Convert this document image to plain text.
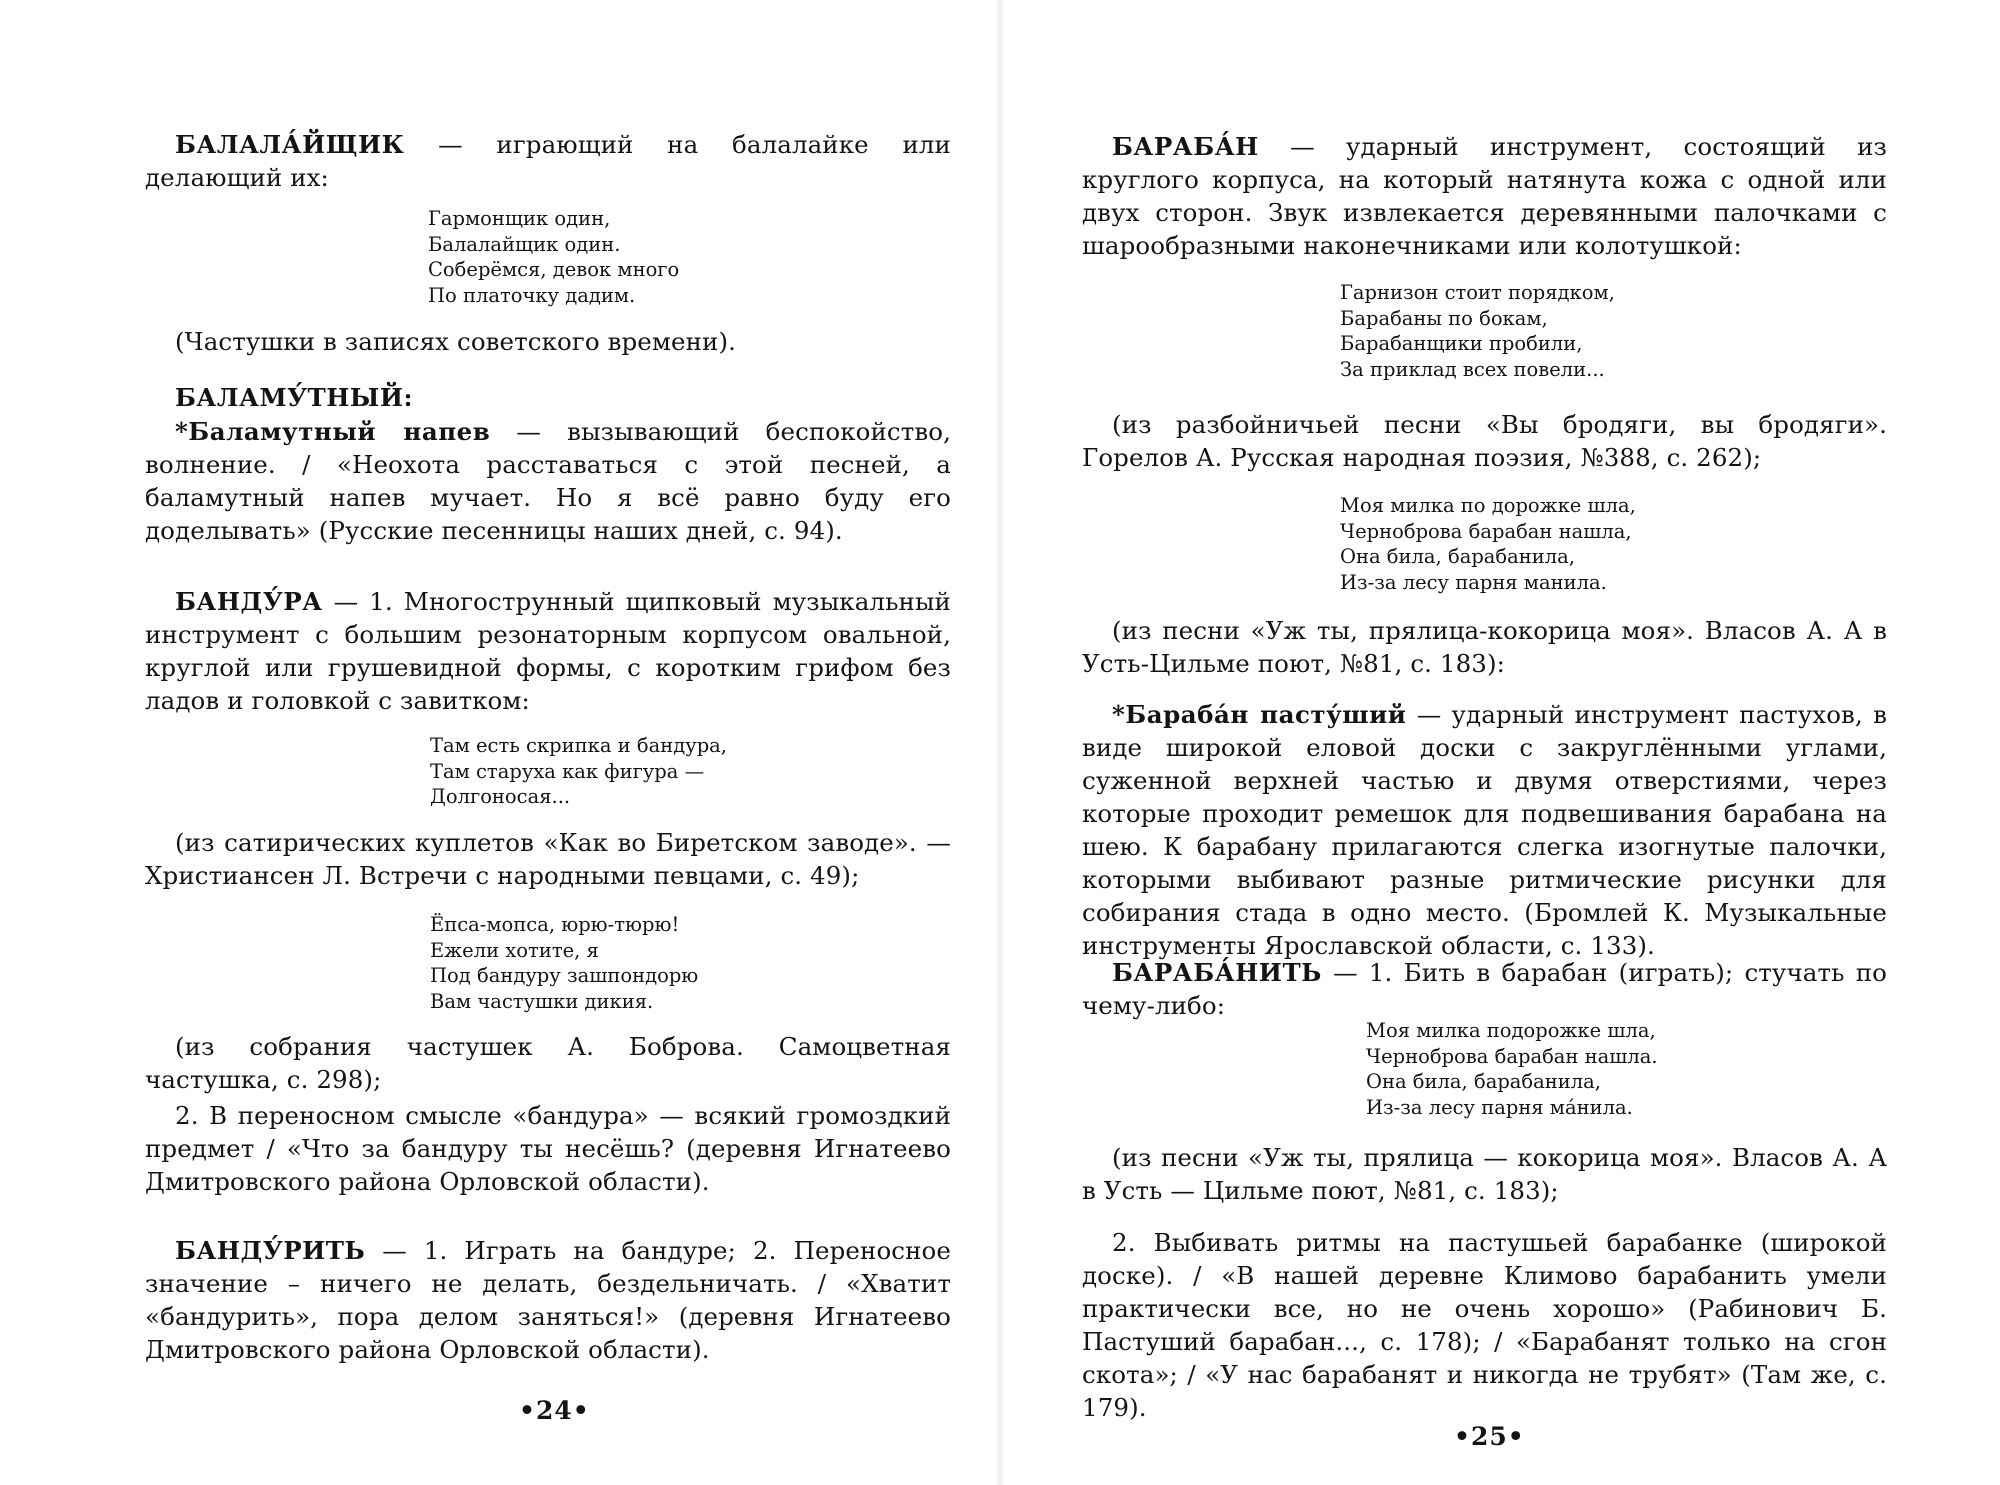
БАЛАЛА́ЙЩИК — играющий на балалайке или делающий их:

Гармонщик один,
Балалайщик один.
Соберёмся, девок много
По платочку дадим.

(Частушки в записях советского времени).

БАЛАМУ́ТНЫЙ:

*Баламутный напев — вызывающий беспокойство, волнение. / «Неохота расставаться с этой песней, а баламутный напев мучает. Но я всё равно буду его доделывать» (Русские песенницы наших дней, с. 94).

БАНДУ́РА — 1. Многострунный щипковый музыкальный инструмент с большим резонаторным корпусом овальной, круглой или грушевидной формы, с коротким грифом без ладов и головкой с завитком:

Там есть скрипка и бандура,
Там старуха как фигура —
Долгоносая...

(из сатирических куплетов «Как во Биретском заводе». — Христиансен Л. Встречи с народными певцами, с. 49);

Ёпса-мопса, юрю-тюрю!
Ежели хотите, я
Под бандуру зашпондорю
Вам частушки дикия.

(из собрания частушек А. Боброва. Самоцветная частушка, с. 298);

2. В переносном смысле «бандура» — всякий громоздкий предмет / «Что за бандуру ты несёшь? (деревня Игнатеево Дмитровского района Орловской области).

БАНДУ́РИТЬ — 1. Играть на бандуре; 2. Переносное значение – ничего не делать, бездельничать. / «Хватит «бандурить», пора делом заняться!» (деревня Игнатеево Дмитровского района Орловской области).

•24•

БАРАБА́Н — ударный инструмент, состоящий из круглого корпуса, на который натянута кожа с одной или двух сторон. Звук извлекается деревянными палочками с шарообразными наконечниками или колотушкой:

Гарнизон стоит порядком,
Барабаны по бокам,
Барабанщики пробили,
За приклад всех повели...

(из разбойничьей песни «Вы бродяги, вы бродяги». Горелов А. Русская народная поэзия, №388, с. 262);

Моя милка по дорожке шла,
Черноброва барабан нашла,
Она била, барабанила,
Из-за лесу парня манила.

(из песни «Уж ты, прялица-кокорица моя». Власов А. А в Усть-Цильме поют, №81, с. 183):

*Бараба́н пасту́ший — ударный инструмент пастухов, в виде широкой еловой доски с закруглёнными углами, суженной верхней частью и двумя отверстиями, через которые проходит ремешок для подвешивания барабана на шею. К барабану прилагаются слегка изогнутые палочки, которыми выбивают разные ритмические рисунки для собирания стада в одно место. (Бромлей К. Музыкальные инструменты Ярославской области, с. 133).

БАРАБА́НИТЬ — 1. Бить в барабан (играть); стучать по чему-либо:

Моя милка подорожке шла,
Черноброва барабан нашла.
Она била, барабанила,
Из-за лесу парня ма́нила.

(из песни «Уж ты, прялица — кокорица моя». Власов А. А в Усть — Цильме поют, №81, с. 183);

2. Выбивать ритмы на пастушьей барабанке (широкой доске). / «В нашей деревне Климово барабанить умели практически все, но не очень хорошо» (Рабинович Б. Пастуший барабан..., с. 178); / «Барабанят только на сгон скота»; / «У нас барабанят и никогда не трубят» (Там же, с. 179).

•25•
